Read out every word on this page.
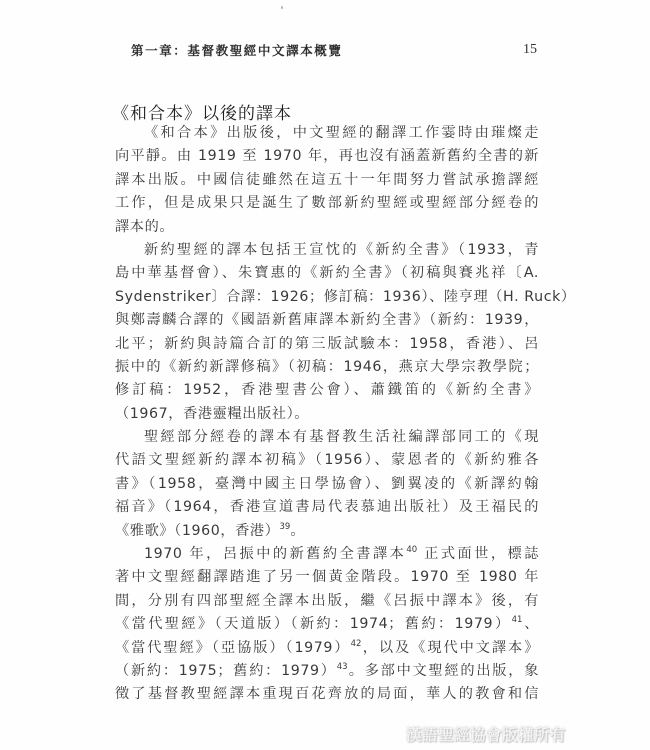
第一章：基督教聖經中文譯本概覽	15
《和合本》以後的譯本
《和合本》出版後，中文聖經的翻譯工作霎時由璀燦走
向平靜。由 1919 至 1970 年，再也沒有涵蓋新舊約全書的新
譯本出版。中國信徒雖然在這五十一年間努力嘗試承擔譯經
工作，但是成果只是誕生了數部新約聖經或聖經部分經卷的
譯本的。
新約聖經的譯本包括王宣忱的《新約全書》（1933，青
島中華基督會）、朱寶惠的《新約全書》（初稿與賽兆祥〔A.
Sydenstriker〕合譯：1926；修訂稿：1936）、陸亨理（H. Ruck）
與鄭壽麟合譯的《國語新舊庫譯本新約全書》（新約：1939，
北平；新約與詩篇合訂的第三版試驗本：1958，香港）、呂
振中的《新約新譯修稿》（初稿：1946，燕京大學宗教學院；
修訂稿：1952，香港聖書公會）、蕭鐵笛的《新約全書》
（1967，香港靈糧出版社）。
聖經部分經卷的譯本有基督教生活社編譯部同工的《現
代語文聖經新約譯本初稿》（1956）、蒙恩者的《新約雅各
書》（1958，臺灣中國主日學協會）、劉翼凌的《新譯約翰
福音》（1964，香港宣道書局代表慕迪出版社）及王福民的
《雅歌》（1960，香港）$^{39}$。
1970 年，呂振中的新舊約全書譯本$^{40}$ 正式面世，標誌
著中文聖經翻譯踏進了另一個黃金階段。1970 至 1980 年
間，分別有四部聖經全譯本出版，繼《呂振中譯本》後，有
《當代聖經》（天道版）（新約：1974；舊約：1979）$^{41}$、
《當代聖經》（亞協版）$(1979)^{42}$，以及《現代中文譯本》
（新約：1975；舊約：1979）$^{43}$。多部中文聖經的出版，象
徵了基督教聖經譯本重現百花齊放的局面，華人的教會和信
漢語聖經協會版權所有
